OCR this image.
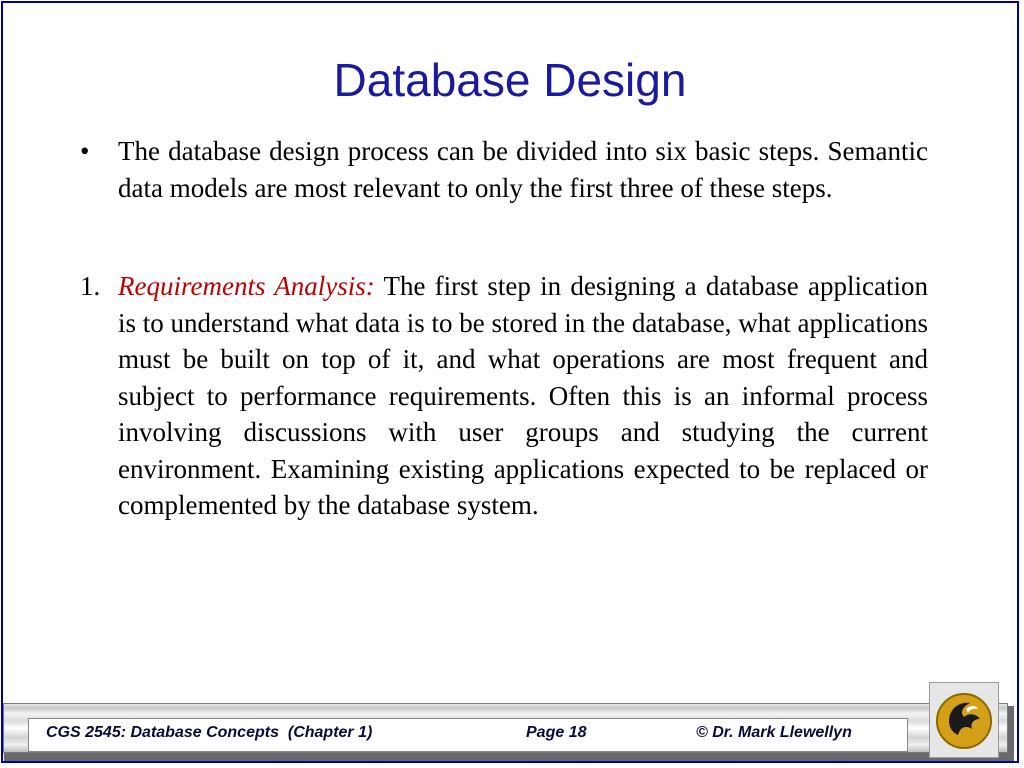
Database Design
• The database design process can be divided into six basic steps. Semantic data models are most relevant to only the first three of these steps.
1. Requirements Analysis: The first step in designing a database application is to understand what data is to be stored in the database, what applications must be built on top of it, and what operations are most frequent and subject to performance requirements. Often this is an informal process involving discussions with user groups and studying the current environment. Examining existing applications expected to be replaced or complemented by the database system.
CGS 2545: Database Concepts  (Chapter 1)	Page 18	© Dr. Mark Llewellyn
